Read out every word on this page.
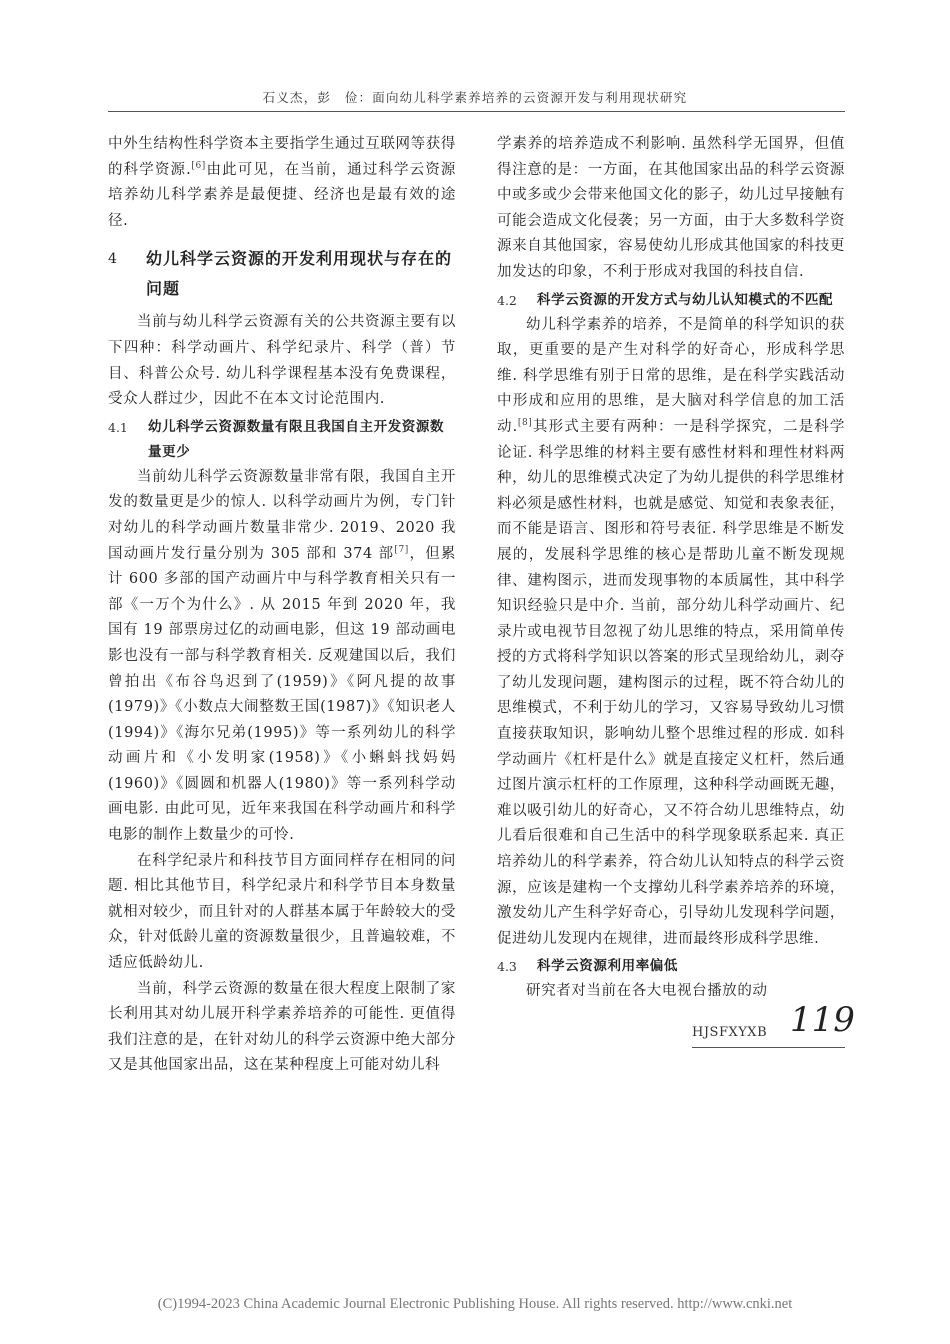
石义杰，彭　俭：面向幼儿科学素养培养的云资源开发与利用现状研究

中外生结构性科学资本主要指学生通过互联网等获得的科学资源.[6]由此可见，在当前，通过科学云资源培养幼儿科学素养是最便捷、经济也是最有效的途径.

4	幼儿科学云资源的开发利用现状与存在的问题

当前与幼儿科学云资源有关的公共资源主要有以下四种：科学动画片、科学纪录片、科学（普）节目、科普公众号. 幼儿科学课程基本没有免费课程，受众人群过少，因此不在本文讨论范围内.

4.1	幼儿科学云资源数量有限且我国自主开发资源数量更少

当前幼儿科学云资源数量非常有限，我国自主开发的数量更是少的惊人. 以科学动画片为例，专门针对幼儿的科学动画片数量非常少. 2019、2020 我国动画片发行量分别为 305 部和 374 部[7]，但累计 600 多部的国产动画片中与科学教育相关只有一部《一万个为什么》. 从 2015 年到 2020 年，我国有 19 部票房过亿的动画电影，但这 19 部动画电影也没有一部与科学教育相关. 反观建国以后，我们曾拍出《布谷鸟迟到了(1959)》《阿凡提的故事(1979)》《小数点大闹整数王国(1987)》《知识老人(1994)》《海尔兄弟(1995)》等一系列幼儿的科学动画片和《小发明家(1958)》《小蝌蚪找妈妈(1960)》《圆圆和机器人(1980)》等一系列科学动画电影. 由此可见，近年来我国在科学动画片和科学电影的制作上数量少的可怜.

在科学纪录片和科技节目方面同样存在相同的问题. 相比其他节目，科学纪录片和科学节目本身数量就相对较少，而且针对的人群基本属于年龄较大的受众，针对低龄儿童的资源数量很少，且普遍较难，不适应低龄幼儿.

当前，科学云资源的数量在很大程度上限制了家长利用其对幼儿展开科学素养培养的可能性. 更值得我们注意的是，在针对幼儿的科学云资源中绝大部分又是其他国家出品，这在某种程度上可能对幼儿科

学素养的培养造成不利影响. 虽然科学无国界，但值得注意的是：一方面，在其他国家出品的科学云资源中或多或少会带来他国文化的影子，幼儿过早接触有可能会造成文化侵袭；另一方面，由于大多数科学资源来自其他国家，容易使幼儿形成其他国家的科技更加发达的印象，不利于形成对我国的科技自信.

4.2	科学云资源的开发方式与幼儿认知模式的不匹配

幼儿科学素养的培养，不是简单的科学知识的获取，更重要的是产生对科学的好奇心，形成科学思维. 科学思维有别于日常的思维，是在科学实践活动中形成和应用的思维，是大脑对科学信息的加工活动.[8]其形式主要有两种：一是科学探究，二是科学论证. 科学思维的材料主要有感性材料和理性材料两种，幼儿的思维模式决定了为幼儿提供的科学思维材料必须是感性材料，也就是感觉、知觉和表象表征，而不能是语言、图形和符号表征. 科学思维是不断发展的，发展科学思维的核心是帮助儿童不断发现规律、建构图示，进而发现事物的本质属性，其中科学知识经验只是中介. 当前，部分幼儿科学动画片、纪录片或电视节目忽视了幼儿思维的特点，采用简单传授的方式将科学知识以答案的形式呈现给幼儿，剥夺了幼儿发现问题，建构图示的过程，既不符合幼儿的思维模式，不利于幼儿的学习，又容易导致幼儿习惯直接获取知识，影响幼儿整个思维过程的形成. 如科学动画片《杠杆是什么》就是直接定义杠杆，然后通过图片演示杠杆的工作原理，这种科学动画既无趣，难以吸引幼儿的好奇心，又不符合幼儿思维特点，幼儿看后很难和自己生活中的科学现象联系起来. 真正培养幼儿的科学素养，符合幼儿认知特点的科学云资源，应该是建构一个支撑幼儿科学素养培养的环境，激发幼儿产生科学好奇心，引导幼儿发现科学问题，促进幼儿发现内在规律，进而最终形成科学思维.

4.3	科学云资源利用率偏低

研究者对当前在各大电视台播放的动

HJSFXYXB 119
(C)1994-2023 China Academic Journal Electronic Publishing House. All rights reserved. http://www.cnki.net
